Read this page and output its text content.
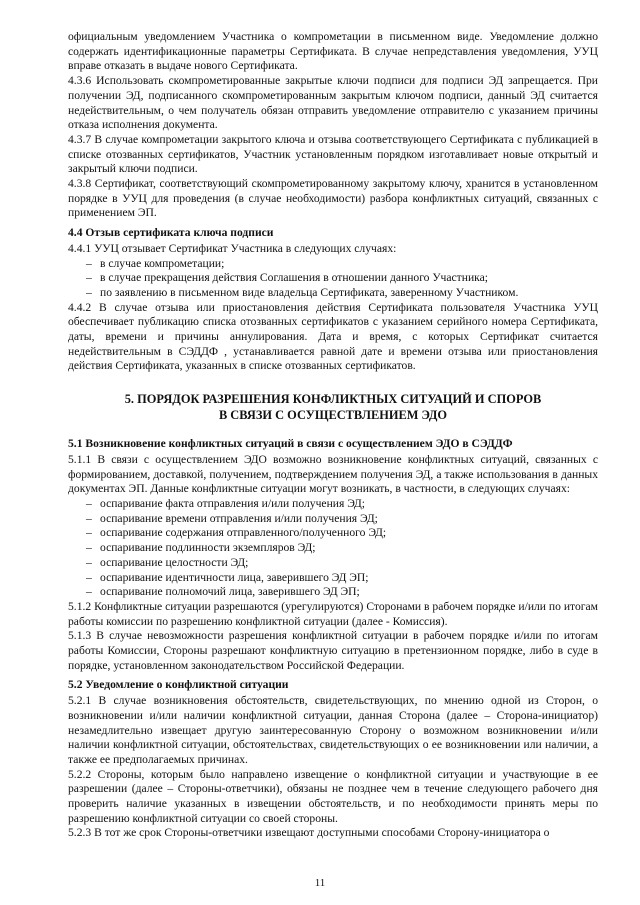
официальным уведомлением Участника о компрометации в письменном виде. Уведомление должно содержать идентификационные параметры Сертификата. В случае непредставления уведомления, УУЦ вправе отказать в выдаче нового Сертификата.

4.3.6 Использовать скомпрометированные закрытые ключи подписи для подписи ЭД запрещается. При получении ЭД, подписанного скомпрометированным закрытым ключом подписи, данный ЭД считается недействительным, о чем получатель обязан отправить уведомление отправителю с указанием причины отказа исполнения документа.

4.3.7 В случае компрометации закрытого ключа и отзыва соответствующего Сертификата с публикацией в списке отозванных сертификатов, Участник установленным порядком изготавливает новые открытый и закрытый ключи подписи.

4.3.8 Сертификат, соответствующий скомпрометированному закрытому ключу, хранится в установленном порядке в УУЦ для проведения (в случае необходимости) разбора конфликтных ситуаций, связанных с применением ЭП.

4.4 Отзыв сертификата ключа подписи

4.4.1 УУЦ отзывает Сертификат Участника в следующих случаях:

– в случае компрометации;
– в случае прекращения действия Соглашения в отношении данного Участника;
– по заявлению в письменном виде владельца Сертификата, заверенному Участником.

4.4.2 В случае отзыва или приостановления действия Сертификата пользователя Участника УУЦ обеспечивает публикацию списка отозванных сертификатов с указанием серийного номера Сертификата, даты, времени и причины аннулирования. Дата и время, с которых Сертификат считается недействительным в СЭДДФ , устанавливается равной дате и времени отзыва или приостановления действия Сертификата, указанных в списке отозванных сертификатов.

5. ПОРЯДОК РАЗРЕШЕНИЯ КОНФЛИКТНЫХ СИТУАЦИЙ И СПОРОВ
В СВЯЗИ С ОСУЩЕСТВЛЕНИЕМ ЭДО

5.1 Возникновение конфликтных ситуаций в связи с осуществлением ЭДО в СЭДДФ

5.1.1 В связи с осуществлением ЭДО возможно возникновение конфликтных ситуаций, связанных с формированием, доставкой, получением, подтверждением получения ЭД, а также использования в данных документах ЭП. Данные конфликтные ситуации могут возникать, в частности, в следующих случаях:

– оспаривание факта отправления и/или получения ЭД;
– оспаривание времени отправления и/или получения ЭД;
– оспаривание содержания отправленного/полученного ЭД;
– оспаривание подлинности экземпляров ЭД;
– оспаривание целостности ЭД;
– оспаривание идентичности лица, заверившего ЭД ЭП;
– оспаривание полномочий лица, заверившего ЭД ЭП;

5.1.2 Конфликтные ситуации разрешаются (урегулируются) Сторонами в рабочем порядке и/или по итогам работы комиссии по разрешению конфликтной ситуации (далее - Комиссия).

5.1.3 В случае невозможности разрешения конфликтной ситуации в рабочем порядке и/или по итогам работы Комиссии, Стороны разрешают конфликтную ситуацию в претензионном порядке, либо в суде в порядке, установленном законодательством Российской Федерации.

5.2 Уведомление о конфликтной ситуации

5.2.1 В случае возникновения обстоятельств, свидетельствующих, по мнению одной из Сторон, о возникновении и/или наличии конфликтной ситуации, данная Сторона (далее – Сторона-инициатор) незамедлительно извещает другую заинтересованную Сторону о возможном возникновении и/или наличии конфликтной ситуации, обстоятельствах, свидетельствующих о ее возникновении или наличии, а также ее предполагаемых причинах.

5.2.2 Стороны, которым было направлено извещение о конфликтной ситуации и участвующие в ее разрешении (далее – Стороны-ответчики), обязаны не позднее чем в течение следующего рабочего дня проверить наличие указанных в извещении обстоятельств, и по необходимости принять меры по разрешению конфликтной ситуации со своей стороны.

5.2.3 В тот же срок Стороны-ответчики извещают доступными способами Сторону-инициатора о

11
